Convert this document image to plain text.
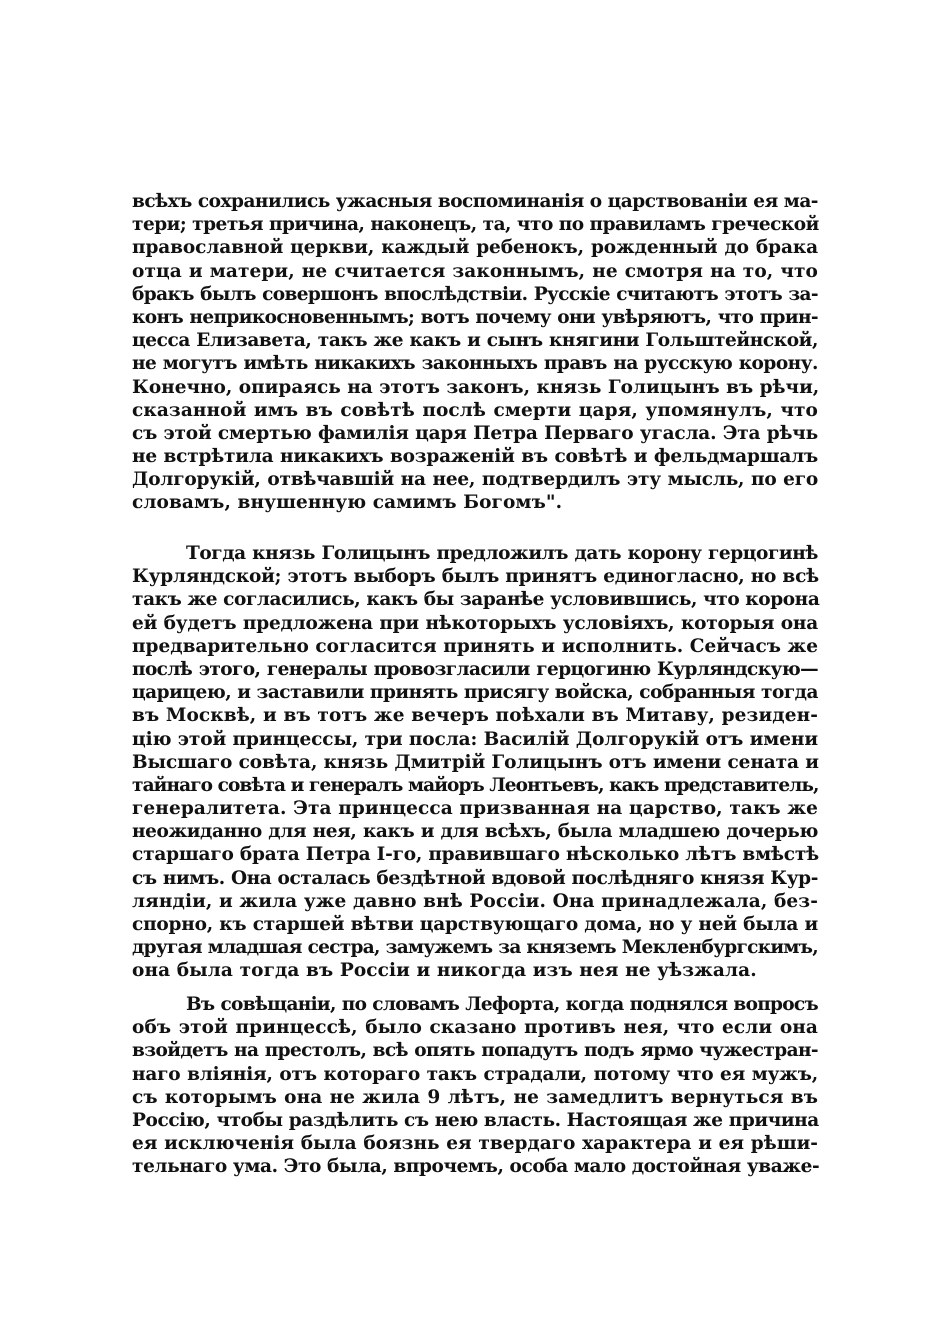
всѣхъ сохранились ужасныя воспоминанія о царствованіи ея ма-
тери; третья причина, наконецъ, та, что по правиламъ греческой
православной церкви, каждый ребенокъ, рожденный до брака
отца и матери, не считается законнымъ, не смотря на то, что
бракъ былъ совершонъ впослѣдствіи. Русскіе считаютъ этотъ за-
конъ неприкосновеннымъ; вотъ почему они увѣряютъ, что прин-
цесса Елизавета, такъ же какъ и сынъ княгини Гольштейнской,
не могутъ имѣть никакихъ законныхъ правъ на русскую корону.
Конечно, опираясь на этотъ законъ, князь Голицынъ въ рѣчи,
сказанной имъ въ совѣтѣ послѣ смерти царя, упомянулъ, что
съ этой смертью фамилія царя Петра Перваго угасла. Эта рѣчь
не встрѣтила никакихъ возраженій въ совѣтѣ и фельдмаршалъ
Долгорукій, отвѣчавшій на нее, подтвердилъ эту мысль, по его
словамъ, внушенную самимъ Богомъ".
Тогда князь Голицынъ предложилъ дать корону герцогинѣ
Курляндской; этотъ выборъ былъ принятъ единогласно, но всѣ
такъ же согласились, какъ бы заранѣе условившись, что корона
ей будетъ предложена при нѣкоторыхъ условіяхъ, которыя она
предварительно согласится принять и исполнить. Сейчасъ же
послѣ этого, генералы провозгласили герцогиню Курляндскую—
царицею, и заставили принять присягу войска, собранныя тогда
въ Москвѣ, и въ тотъ же вечеръ поѣхали въ Митаву, резиден-
цію этой принцессы, три посла: Василій Долгорукій отъ имени
Высшаго совѣта, князь Дмитрій Голицынъ отъ имени сената и
тайнаго совѣта и генералъ майоръ Леонтьевъ, какъ представитель,
генералитета. Эта принцесса призванная на царство, такъ же
неожиданно для нея, какъ и для всѣхъ, была младшею дочерью
старшаго брата Петра I-го, правившаго нѣсколько лѣтъ вмѣстѣ
съ нимъ. Она осталась бездѣтной вдовой послѣдняго князя Кур-
ляндіи, и жила уже давно внѣ Россіи. Она принадлежала, без-
спорно, къ старшей вѣтви царствующаго дома, но у ней была и
другая младшая сестра, замужемъ за княземъ Мекленбургскимъ,
она была тогда въ Россіи и никогда изъ нея не уѣзжала.
Въ совѣщаніи, по словамъ Лефорта, когда поднялся вопросъ
объ этой принцессѣ, было сказано противъ нея, что если она
взойдетъ на престолъ, всѣ опять попадутъ подъ ярмо чужестран-
наго вліянія, отъ котораго такъ страдали, потому что ея мужъ,
съ которымъ она не жила 9 лѣтъ, не замедлитъ вернуться въ
Россію, чтобы раздѣлить съ нею власть. Настоящая же причина
ея исключенія была боязнь ея твердаго характера и ея рѣши-
тельнаго ума. Это была, впрочемъ, особа мало достойная уваже-
